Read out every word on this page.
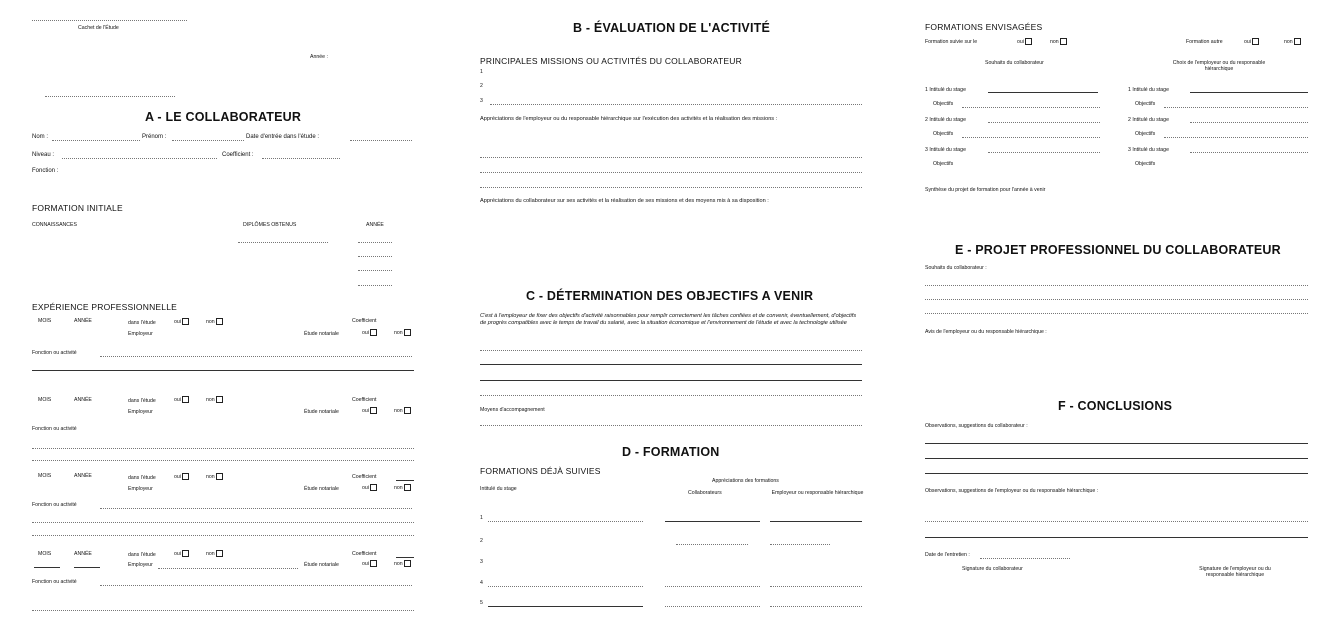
Cachet de l'Étude
Année :
A - LE COLLABORATEUR
Nom :	Prénom :	Date d'entrée dans l'étude :
Niveau :	Coefficient :
Fonction :
FORMATION INITIALE
CONNAISSANCES	DIPLÔMES OBTENUS	ANNÉE
EXPÉRIENCE PROFESSIONNELLE
MOIS	ANNÉE	dans l'étude	oui	non	Coefficient
Employeur	Étude notariale	oui	non
Fonction ou activité
MOIS	ANNÉE	dans l'étude	oui	non	Coefficient
Employeur	Étude notariale	oui	non
Fonction ou activité
MOIS	ANNÉE	dans l'étude	oui	non	Coefficient
Employeur	Étude notariale	oui	non
Fonction ou activité
MOIS	ANNÉE	dans l'étude	oui	non	Coefficient
Employeur	Étude notariale	oui	non
Fonction ou activité
B - ÉVALUATION DE L'ACTIVITÉ
PRINCIPALES MISSIONS OU ACTIVITÉS DU COLLABORATEUR
1
2
3
Appréciations de l'employeur ou du responsable hiérarchique sur l'exécution des activités et la réalisation des missions :
Appréciations du collaborateur sur ses activités et la réalisation de ses missions et des moyens mis à sa disposition :
C - DÉTERMINATION DES OBJECTIFS A VENIR
C'est à l'employeur de fixer des objectifs d'activité raisonnables pour remplir correctement les tâches confiées et de convenir, éventuellement, d'objectifs de progrès compatibles avec le temps de travail du salarié, avec la situation économique et l'environnement de l'étude et avec la technologie utilisée
Moyens d'accompagnement
D - FORMATION
FORMATIONS DÉJÀ SUIVIES
Appréciations des formations
Intitulé du stage
Collaborateurs	Employeur ou responsable hiérarchique
1
2
3
4
5
FORMATIONS ENVISAGÉES
Formation suivie sur le	oui	non	Formation autre	oui	non
Souhaits du collaborateur	Choix de l'employeur ou du responsable hiérarchique
1 Intitulé du stage
Objectifs
1 Intitulé du stage
Objectifs
2 Intitulé du stage
Objectifs
2 Intitulé du stage
Objectifs
3 Intitulé du stage
Objectifs
3 Intitulé du stage
Objectifs
Synthèse du projet de formation pour l'année à venir
E - PROJET PROFESSIONNEL DU COLLABORATEUR
Souhaits du collaborateur :
Avis de l'employeur ou du responsable hiérarchique :
F - CONCLUSIONS
Observations, suggestions du collaborateur :
Observations, suggestions de l'employeur ou du responsable hiérarchique :
Date de l'entretien :
Signature du collaborateur	Signature de l'employeur ou du responsable hiérarchique
